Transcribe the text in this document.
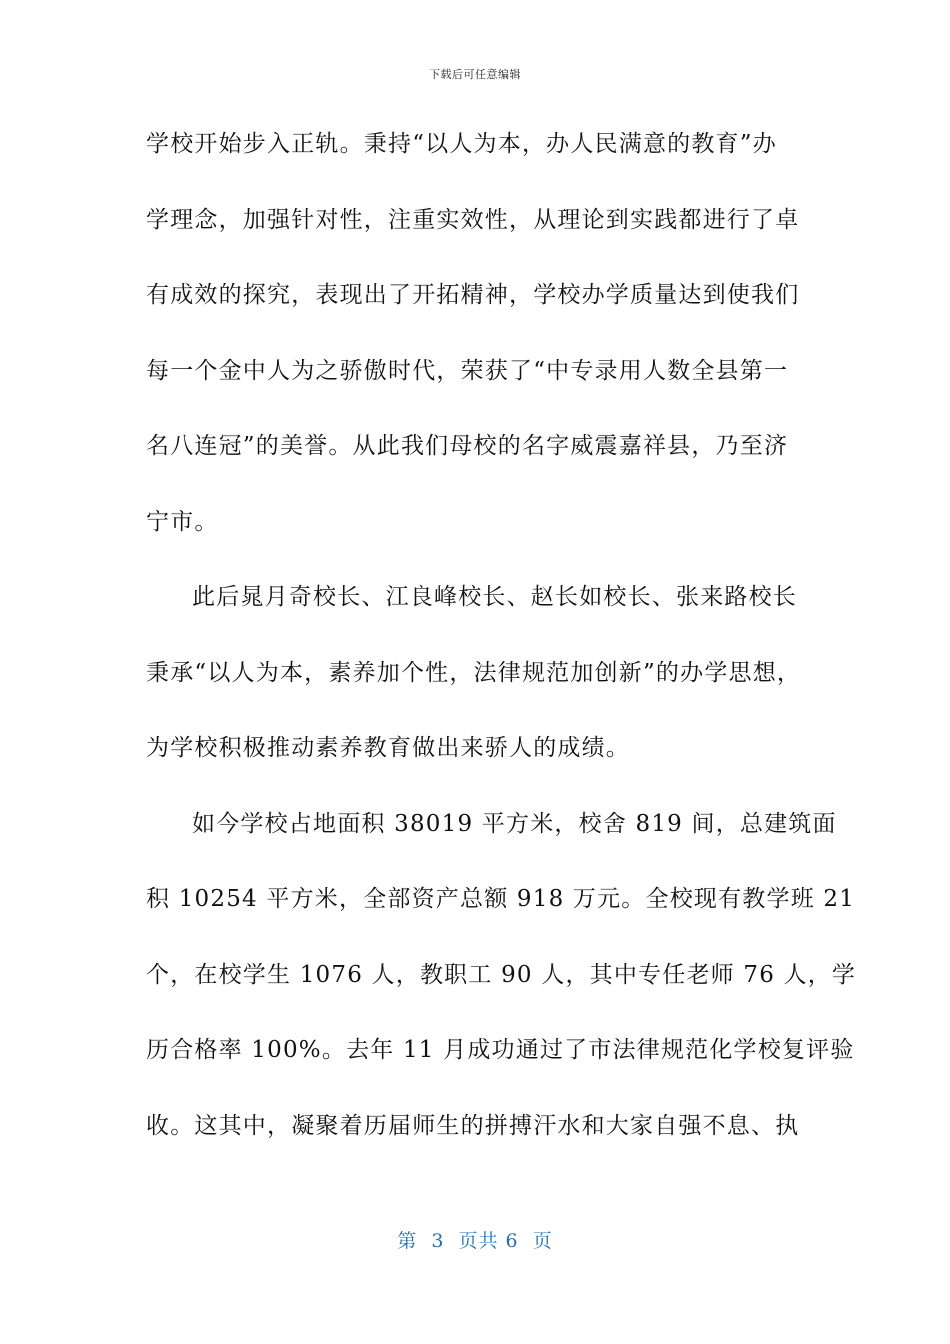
下载后可任意编辑
学校开始步入正轨。秉持“以人为本，办人民满意的教育”办
学理念，加强针对性，注重实效性，从理论到实践都进行了卓
有成效的探究，表现出了开拓精神，学校办学质量达到使我们
每一个金中人为之骄傲时代，荣获了“中专录用人数全县第一
名八连冠”的美誉。从此我们母校的名字威震嘉祥县，乃至济
宁市。
此后晁月奇校长、江良峰校长、赵长如校长、张来路校长
秉承“以人为本，素养加个性，法律规范加创新”的办学思想，
为学校积极推动素养教育做出来骄人的成绩。
如今学校占地面积 38019 平方米，校舍 819 间，总建筑面
积 10254 平方米，全部资产总额 918 万元。全校现有教学班 21
个，在校学生 1076 人，教职工 90 人，其中专任老师 76 人，学
历合格率 100%。去年 11 月成功通过了市法律规范化学校复评验
收。这其中，凝聚着历届师生的拼搏汗水和大家自强不息、执
第  3  页共 6  页
